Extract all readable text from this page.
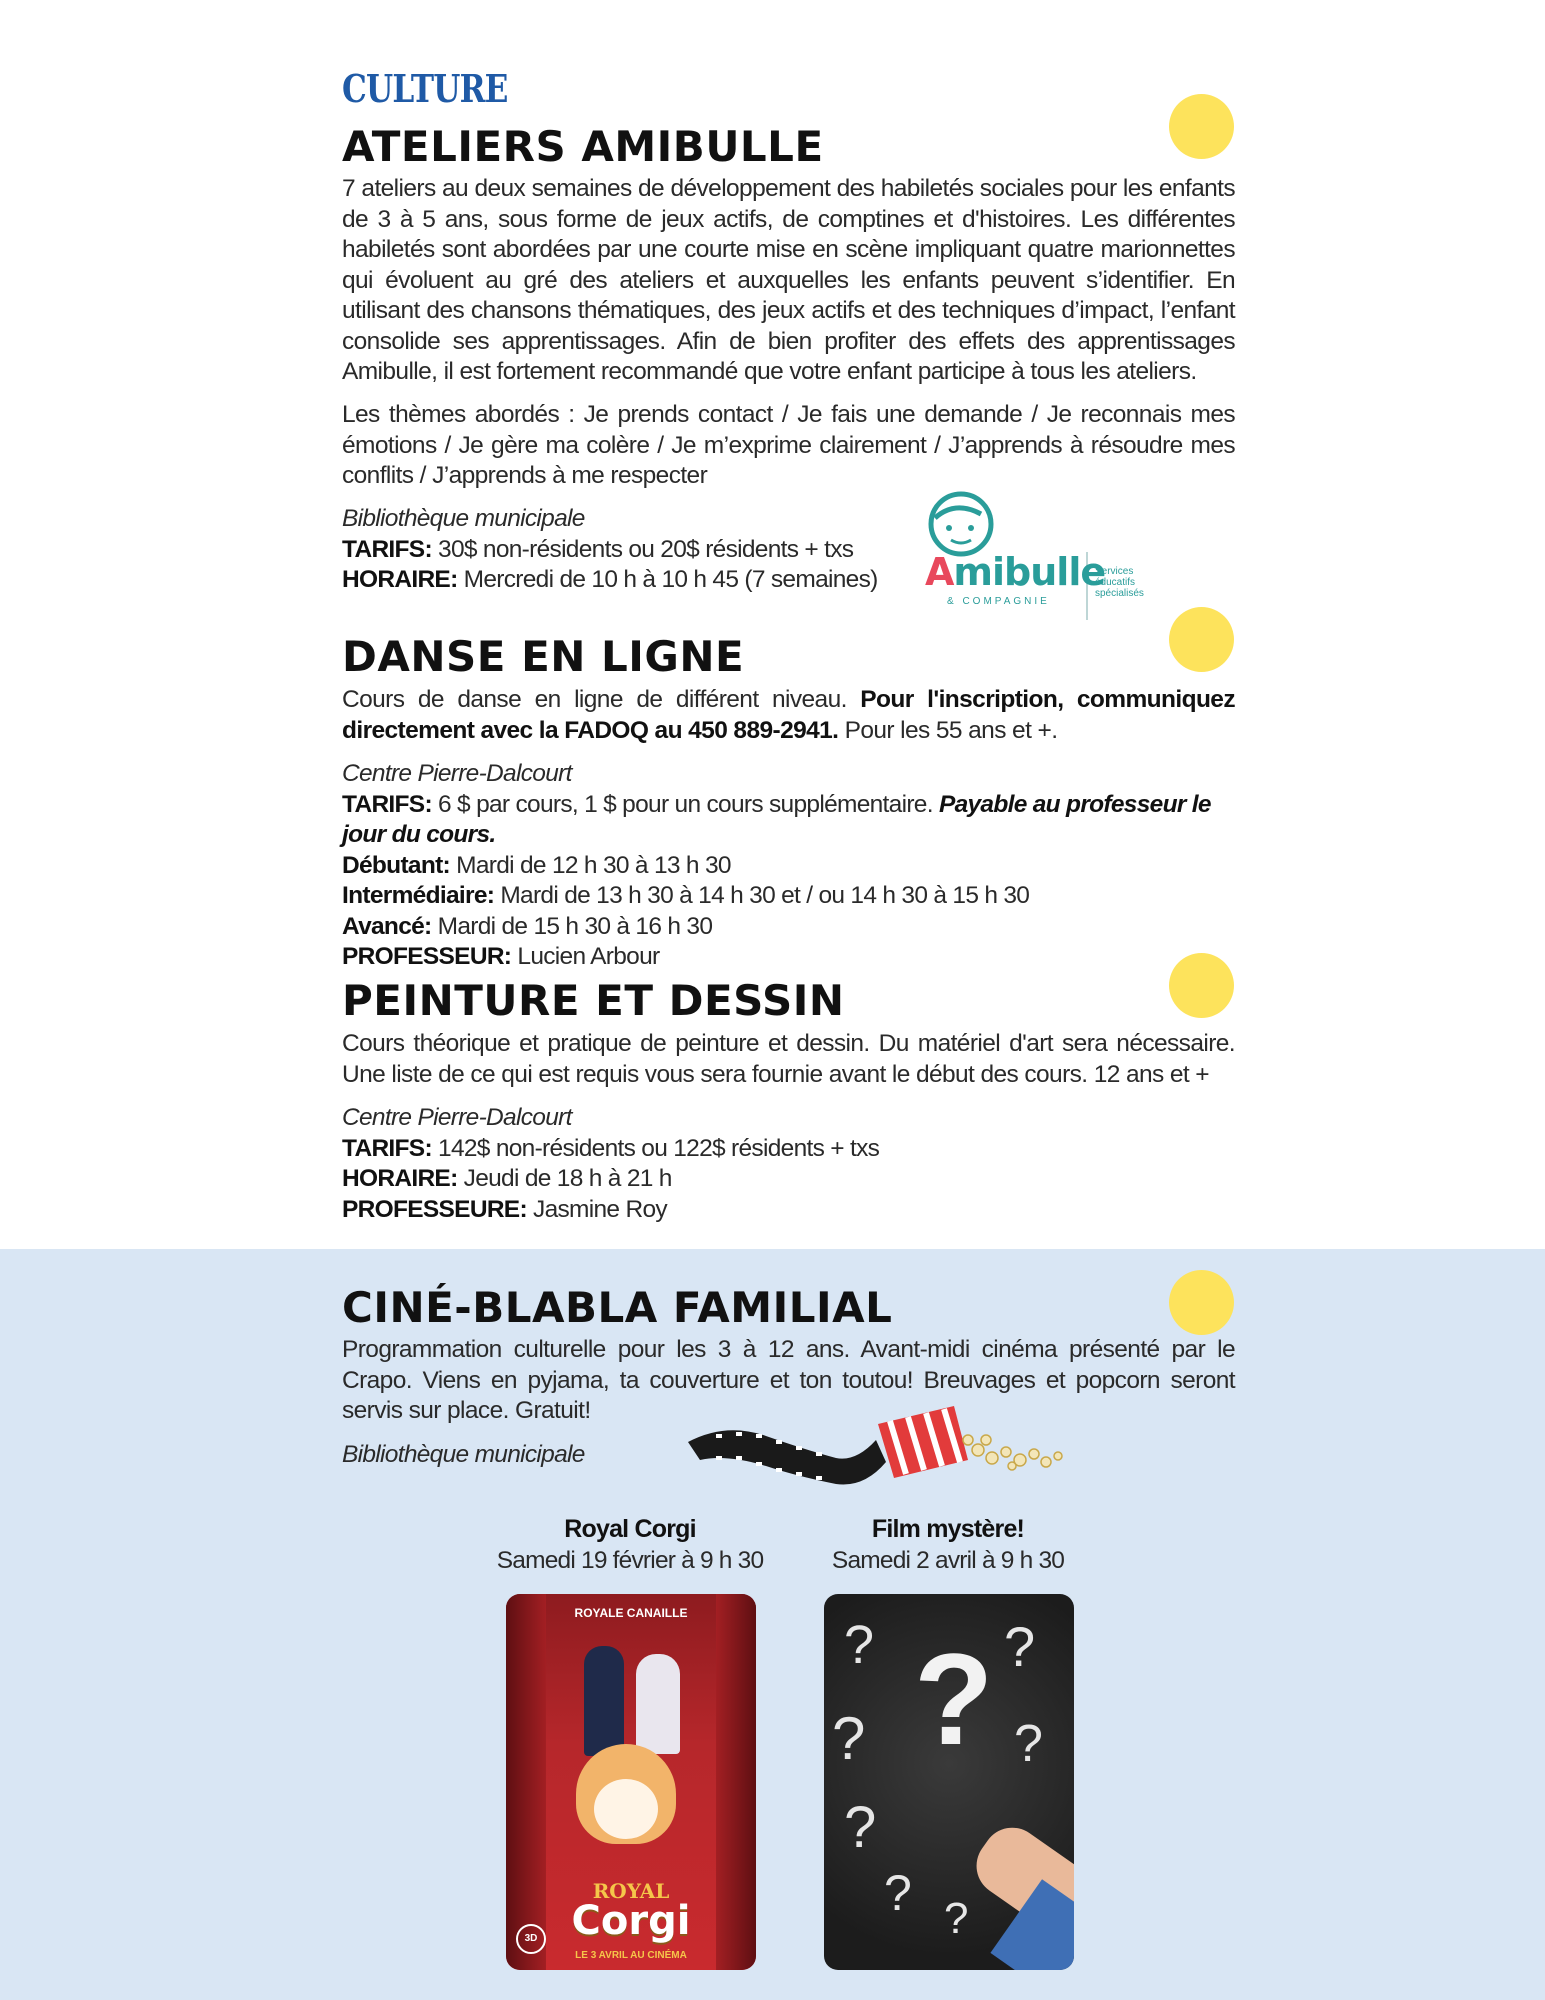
CULTURE
ATELIERS AMIBULLE

7 ateliers au deux semaines de développement des habiletés sociales pour les enfants de 3 à 5 ans, sous forme de jeux actifs, de comptines et d'histoires. Les différentes habiletés sont abordées par une courte mise en scène impliquant quatre marionnettes qui évoluent au gré des ateliers et auxquelles les enfants peuvent s’identifier. En utilisant des chansons thématiques, des jeux actifs et des techniques d’impact, l’enfant consolide ses apprentissages. Afin de bien profiter des effets des apprentissages Amibulle, il est fortement recommandé que votre enfant participe à tous les ateliers.

Les thèmes abordés : Je prends contact / Je fais une demande / Je reconnais mes émotions / Je gère ma colère / Je m’exprime clairement / J’apprends à résoudre mes conflits / J’apprends à me respecter

Bibliothèque municipale
TARIFS: 30$ non-résidents ou 20$ résidents + txs
HORAIRE: Mercredi de 10 h à 10 h 45 (7 semaines)	Amibulle
& COMPAGNIE
Services
éducatifs
spécialisés
DANSE EN LIGNE

Cours de danse en ligne de différent niveau. Pour l'inscription, communiquez directement avec la FADOQ au 450 889-2941. Pour les 55 ans et +.

Centre Pierre-Dalcourt
TARIFS: 6 $ par cours, 1 $ pour un cours supplémentaire. Payable au professeur le jour du cours.
Débutant: Mardi de 12 h 30 à 13 h 30
Intermédiaire: Mardi de 13 h 30 à 14 h 30 et / ou 14 h 30 à 15 h 30
Avancé: Mardi de 15 h 30 à 16 h 30
PROFESSEUR: Lucien Arbour
PEINTURE ET DESSIN

Cours théorique et pratique de peinture et dessin. Du matériel d'art sera nécessaire. Une liste de ce qui est requis vous sera fournie avant le début des cours. 12 ans et +

Centre Pierre-Dalcourt
TARIFS: 142$ non-résidents ou 122$ résidents + txs
HORAIRE: Jeudi de 18 h à 21 h
PROFESSEURE: Jasmine Roy
CINÉ-BLABLA FAMILIAL

Programmation culturelle pour les 3 à 12 ans. Avant-midi cinéma présenté par le Crapo. Viens en pyjama, ta couverture et ton toutou! Breuvages et popcorn seront servis sur place. Gratuit!

Bibliothèque municipale
Royal Corgi
Samedi 19 février à 9 h 30
ROYALE CANAILLE
ROYAL
Corgi
3D
LE 3 AVRIL AU CINÉMA
Film mystère!
Samedi 2 avril à 9 h 30
?
? ?
?	?
?
? ?
